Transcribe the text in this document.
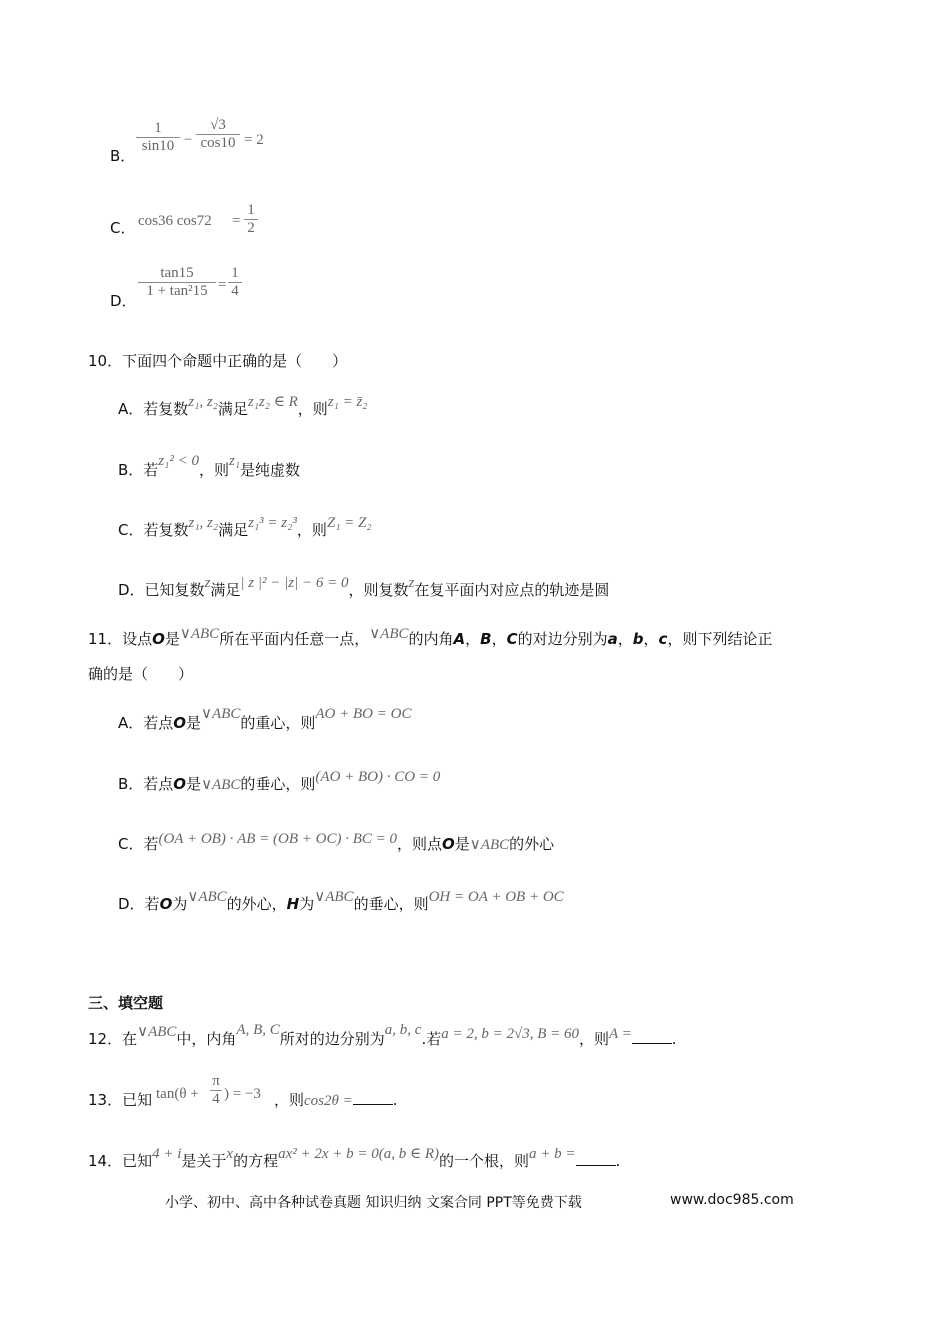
B．
1
sin10 −
√3
cos10 = 2
C． cos36 cos72 =
1
2
D．
tan15
1 + tan²15 =
1
4
10．下面四个命题中正确的是（　　）
A．若复数z₁, z₂满足z₁z₂ ∈ R，则z₁ = z̄₂
B．若z₁² < 0，则z₁是纯虚数
C．若复数z₁, z₂满足z₁³ = z₂³，则Z₁ = Z₂
D．已知复数z满足| z |² − |z| − 6 = 0，则复数z在复平面内对应点的轨迹是圆
11．设点O是∨ABC所在平面内任意一点，∨ABC的内角A，B，C的对边分别为a，b，c，则下列结论正
确的是（　　）
A．若点O是∨ABC的重心，则AO + BO = OC
B．若点O是∨ABC的垂心，则(AO + BO) · CO = 0
C．若(OA + OB) · AB = (OB + OC) · BC = 0，则点O是∨ABC的外心
D．若O为∨ABC的外心，H为∨ABC的垂心，则OH = OA + OB + OC
三、填空题
12．在∨ABC中，内角A, B, C所对的边分别为a, b, c.若a = 2, b = 2√3, B = 60，则A =	.
13．已知 tan(θ +
π
4 ) = −3 ，则cos2θ =	.
14．已知4 + i是关于x的方程ax² + 2x + b = 0(a, b ∈ R)的一个根，则a + b =	.
小学、初中、高中各种试卷真题 知识归纳 文案合同 PPT等免费下载	www.doc985.com
